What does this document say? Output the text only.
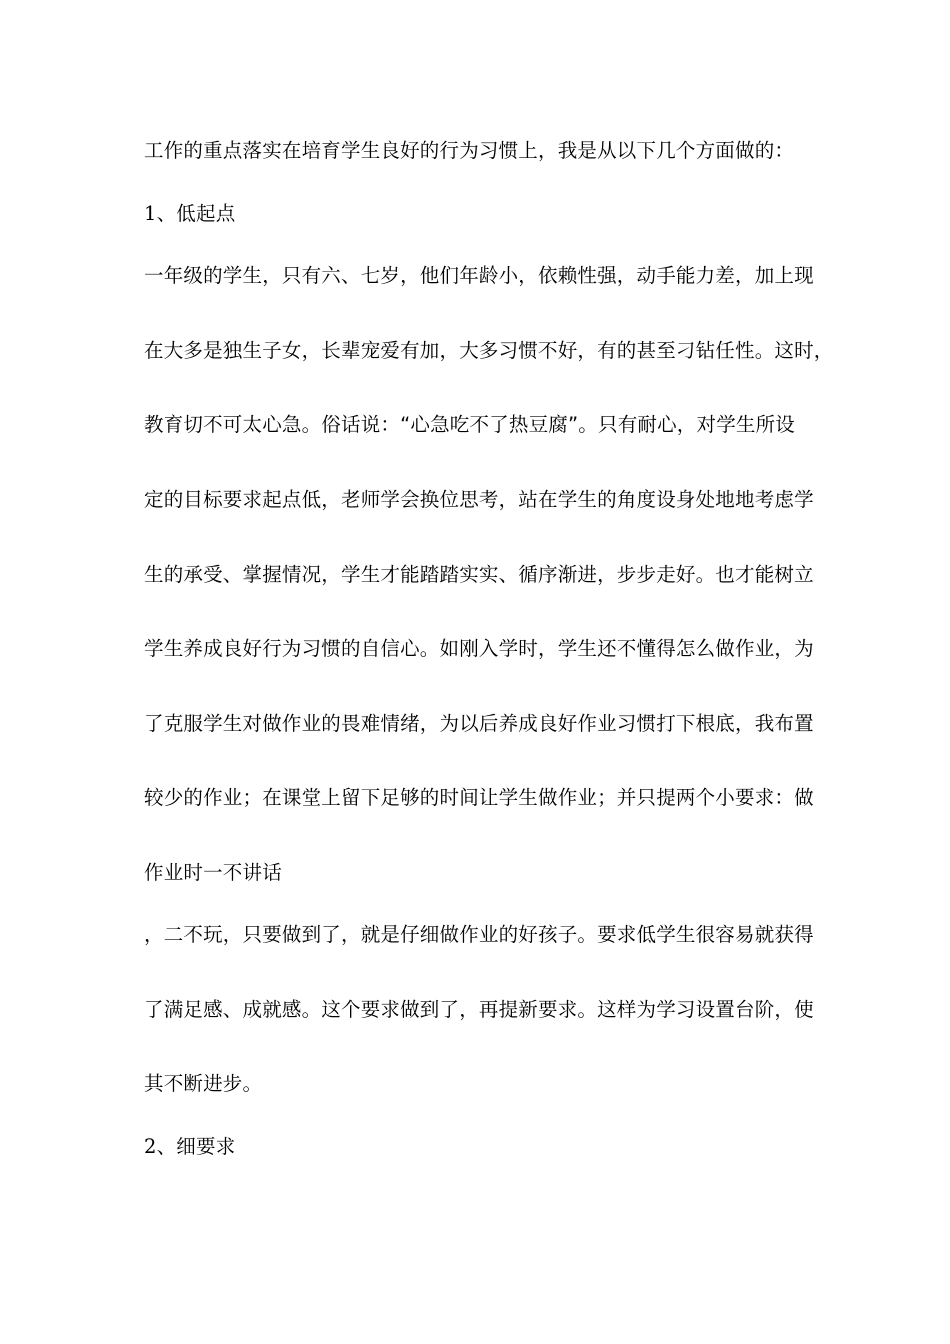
工作的重点落实在培育学生良好的行为习惯上，我是从以下几个方面做的：
1、低起点
一年级的学生，只有六、七岁，他们年龄小，依赖性强，动手能力差，加上现
在大多是独生子女，长辈宠爱有加，大多习惯不好，有的甚至刁钻任性。这时，
教育切不可太心急。俗话说：“心急吃不了热豆腐”。只有耐心，对学生所设
定的目标要求起点低，老师学会换位思考，站在学生的角度设身处地地考虑学
生的承受、掌握情况，学生才能踏踏实实、循序渐进，步步走好。也才能树立
学生养成良好行为习惯的自信心。如刚入学时，学生还不懂得怎么做作业，为
了克服学生对做作业的畏难情绪，为以后养成良好作业习惯打下根底，我布置
较少的作业；在课堂上留下足够的时间让学生做作业；并只提两个小要求：做
作业时一不讲话
，二不玩，只要做到了，就是仔细做作业的好孩子。要求低学生很容易就获得
了满足感、成就感。这个要求做到了，再提新要求。这样为学习设置台阶，使
其不断进步。
2、细要求
